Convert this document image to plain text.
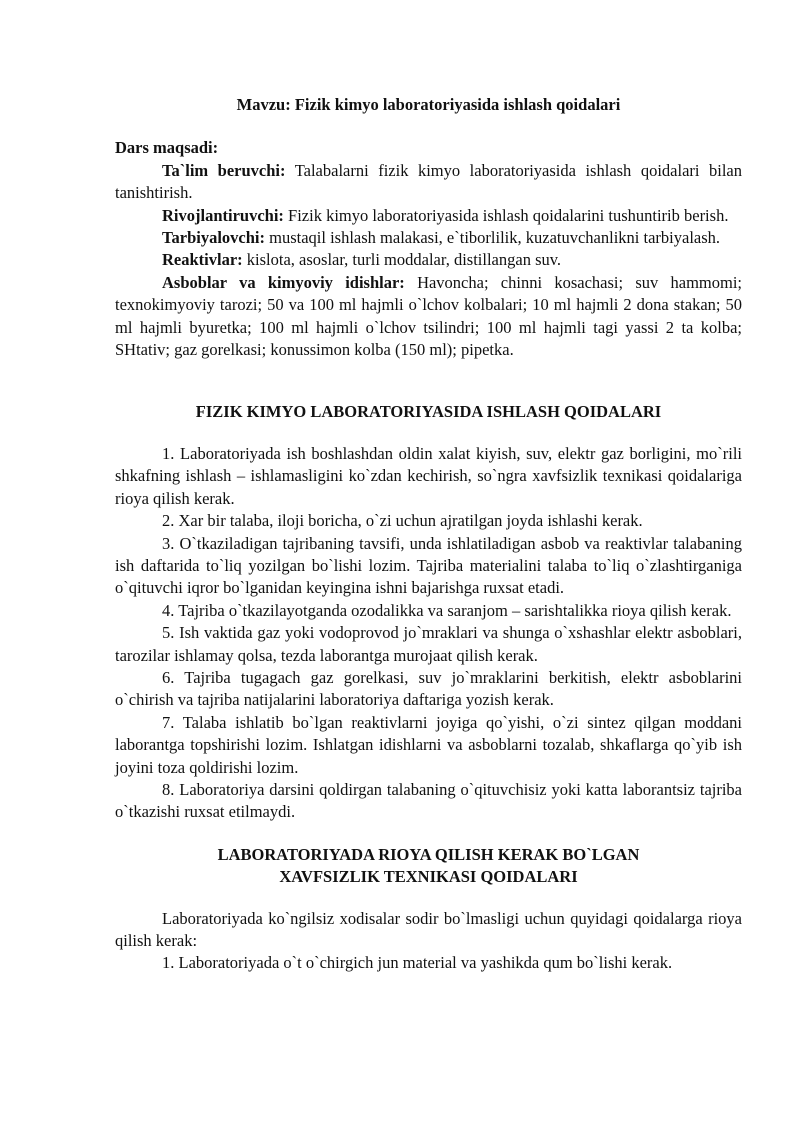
Mavzu: Fizik kimyo laboratoriyasida ishlash qoidalari

Dars maqsadi:

Ta`lim beruvchi: Talabalarni fizik kimyo laboratoriyasida ishlash qoidalari bilan tanishtirish.

Rivojlantiruvchi: Fizik kimyo laboratoriyasida ishlash qoidalarini tushuntirib berish.

Tarbiyalovchi: mustaqil ishlash malakasi, e`tiborlilik, kuzatuvchanlikni tarbiyalash.

Reaktivlar: kislota, asoslar, turli moddalar, distillangan suv.

Asboblar va kimyoviy idishlar: Havoncha; chinni kosachasi; suv hammomi; texnokimyoviy tarozi; 50 va 100 ml hajmli o`lchov kolbalari; 10 ml hajmli 2 dona stakan; 50 ml hajmli byuretka; 100 ml hajmli o`lchov tsilindri; 100 ml hajmli tagi yassi 2 ta kolba; SHtativ; gaz gorelkasi; konussimon kolba (150 ml); pipetka.

FIZIK KIMYO LABORATORIYASIDA ISHLASH QOIDALARI

1. Laboratoriyada ish boshlashdan oldin xalat kiyish, suv, elektr gaz borligini, mo`rili shkafning ishlash – ishlamasligini ko`zdan kechirish, so`ngra xavfsizlik texnikasi qoidalariga rioya qilish kerak.

2. Xar bir talaba, iloji boricha, o`zi uchun ajratilgan joyda ishlashi kerak.

3. O`tkaziladigan tajribaning tavsifi, unda ishlatiladigan asbob va reaktivlar talabaning ish daftarida to`liq yozilgan bo`lishi lozim. Tajriba materialini talaba to`liq o`zlashtirganiga o`qituvchi iqror bo`lganidan keyingina ishni bajarishga ruxsat etadi.

4. Tajriba o`tkazilayotganda ozodalikka va saranjom – sarishtalikka rioya qilish kerak.

5. Ish vaktida gaz yoki vodoprovod jo`mraklari va shunga o`xshashlar elektr asboblari, tarozilar ishlamay qolsa, tezda laborantga murojaat qilish kerak.

6. Tajriba tugagach gaz gorelkasi, suv jo`mraklarini berkitish, elektr asboblarini o`chirish va tajriba natijalarini laboratoriya daftariga yozish kerak.

7. Talaba ishlatib bo`lgan reaktivlarni joyiga qo`yishi, o`zi sintez qilgan moddani laborantga topshirishi lozim. Ishlatgan idishlarni va asboblarni tozalab, shkaflarga qo`yib ish joyini toza qoldirishi lozim.

8. Laboratoriya darsini qoldirgan talabaning o`qituvchisiz yoki katta laborantsiz tajriba o`tkazishi ruxsat etilmaydi.

LABORATORIYADA RIOYA QILISH KERAK BO`LGAN
XAVFSIZLIK TEXNIKASI QOIDALARI

Laboratoriyada ko`ngilsiz xodisalar sodir bo`lmasligi uchun quyidagi qoidalarga rioya qilish kerak:

1. Laboratoriyada o`t o`chirgich jun material va yashikda qum bo`lishi kerak.
